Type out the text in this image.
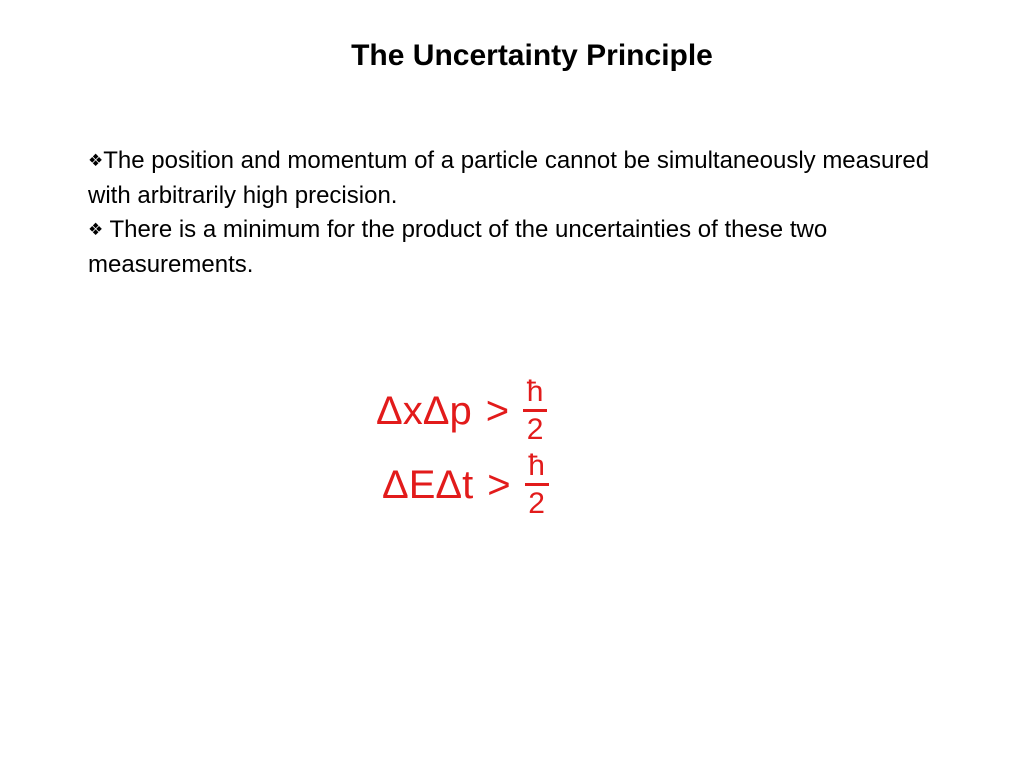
The Uncertainty Principle

❖The position and momentum of a particle cannot be simultaneously measured with arbitrarily high precision.

❖ There is a minimum for the product of the uncertainties of these two measurements.

$\Delta x\Delta p > \frac{ħ}{2}$
$\Delta E\Delta t > \frac{ħ}{2}$
